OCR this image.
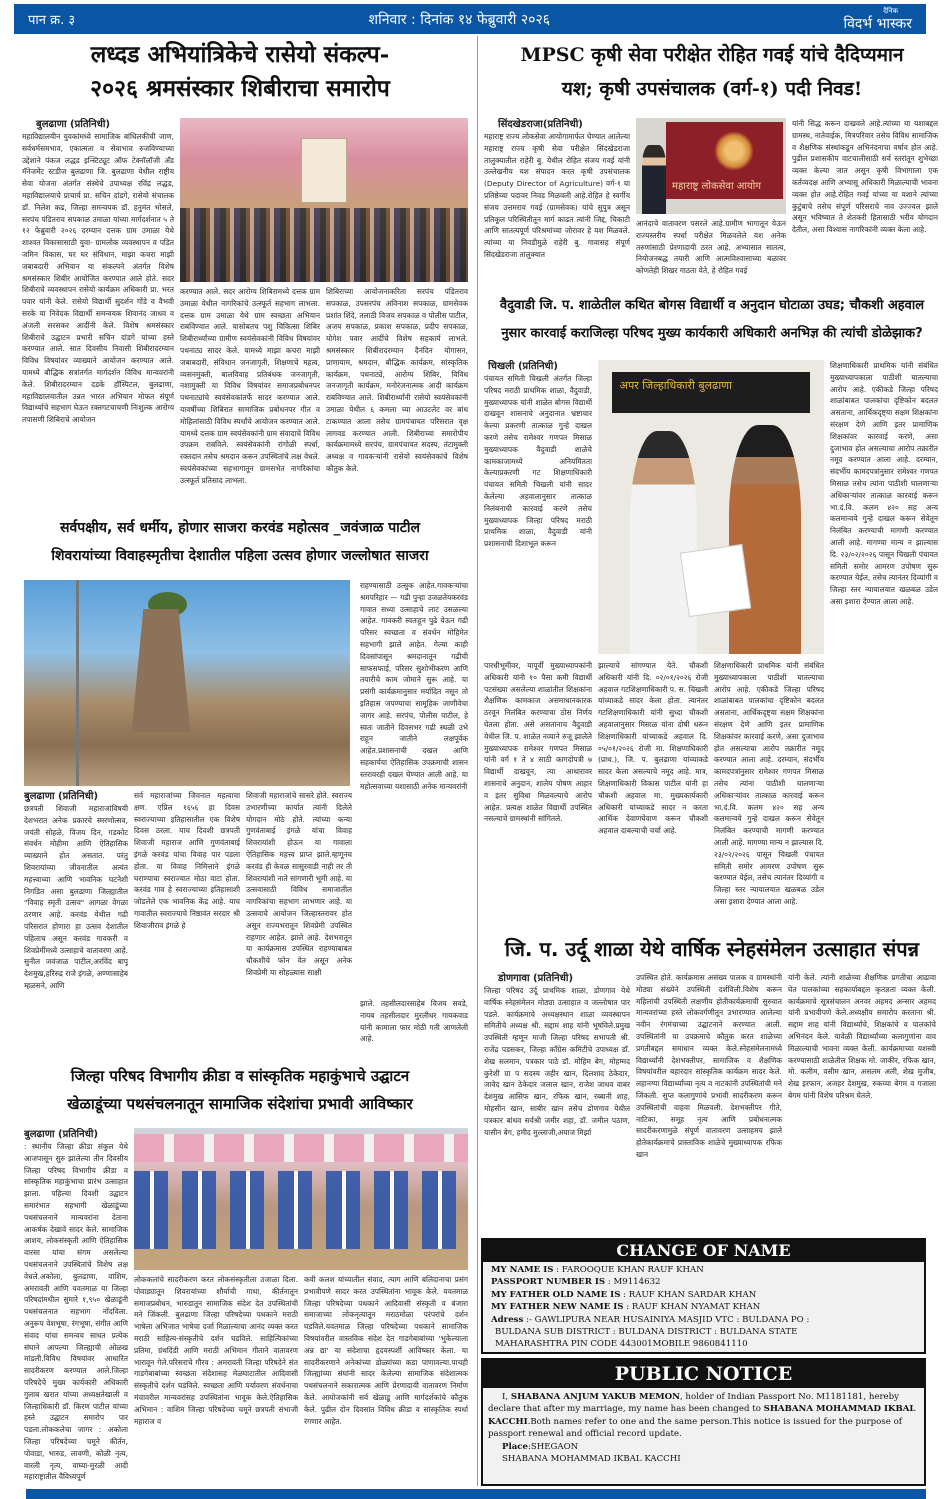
पान क्र. ३	शनिवार : दिनांक १४ फेब्रुवारी २०२६
दैनिक
विदर्भ भास्कर
लध्दड अभियांत्रिकेचे रासेयो संकल्प-
२०२६ श्रमसंस्कार शिबीराचा समारोप
बुलढाणा (प्रतिनिधी)
महाविद्यालयीन युवकांमध्ये सामाजिक बांधिलकीची जाण, सर्वधर्मसमभाव, एकात्मता व सेवाभाव रुजविण्याच्या उद्देशाने पंकज लद्धड इन्स्टिट्यूट ऑफ टेक्नॉलॉजी अँड मॅनेजमेंट स्टडीज बुलढाणा जि. बुलढाणा येथील राष्ट्रीय सेवा योजना अंतर्गत संस्थेचे उपाध्यक्ष रविंद्र लद्धड, महाविद्यालयाचे प्राचार्य प्रा. सचिन दांडगे, रासेयो संचालक डॉ. निलेश कढ, जिल्हा समन्वयक डॉ. हनुमंत भोसले, सरपंच पंडितराव सपकाळ उमाळा यांच्या मार्गदर्शनात ५ ते १२ फेब्रुवारी २०२६ दरम्यान दत्तक ग्राम उमाळा येथे शाश्वत विकासासाठी युवा- ग्रामलोक व्यवस्थापन व पडित जमिन विकास, घर घर संविधान, माझा कचरा माझी जबाबदारी अभियान या संकल्पने अंतर्गत विशेष श्रमसंस्कार शिबीर आयोजित करण्यात आले होते. सदर शिबीराचे व्यवस्थापन रासेयो कार्यक्रम अधिकारी प्रा. भरत पवार यांनी केले. रासेयो विद्यार्थी सुदर्शन गोंडे व वैभवी सरके या निवेदक विद्यार्थी समन्वयक शिवानंद जाधव व अंजली सरसकर आदींनी केले. विशेष श्रमसंस्कार शिबीराचे उद्घाटन प्रभारी सचिन दांडगे यांच्या हस्ते करण्यात आले. सात दिवसीय निवासी शिबीरादरम्यान विविध विषयांवर व्याख्याने आयोजन करण्यात आले. यामध्ये बौद्धिक सत्रांतर्गत मार्गदर्शन विविध मान्यवरांनी केले. शिबीरादरम्यान दडके हॉस्पिटल, बुलढाणा, महाविद्यालयातील उन्नत भारत अभियान मोफत संपूर्ण विद्यार्थ्याचे सहभाग घेऊन रक्तगटचाचणी निःशुल्क आरोग्य तपासणी शिबिराचे आयोजन
करण्यात आले. सदर आरोग्य शिबिरामध्ये दत्तक ग्राम उमाळा येथील नागरिकांचे उत्स्फूर्त सहभाग लाभला. दत्तक ग्राम उमाळा येथे ग्राम स्वच्छता अभियान राबविण्यात आले. यासोबतच पशु चिकित्सा शिबिर शिबीरार्थ्यांच्या ग्रामीण स्वयंसेवकांनी विविध विषयांवर पथनाट्य सादर केले. यामध्ये माझा कचरा माझी जबाबदारी, संविधान जनजागृती, शिक्षणाचे महत्व, व्यसनमुक्ती, बालविवाह प्रतिबंधक जनजागृती, नशामुक्ती या विविध विषयांवर समाजप्रबोधनपर पथनाट्यांचे स्वयंसेवकांतर्फे सादर करण्यात आले. यावर्षीच्या शिबिरात सामाजिक प्रबोधनपर गीत व मोहिलांसाठी विविध स्पर्धांचे आयोजन करण्यात आले. यामध्ये दत्तक ग्राम स्वयंसेवकांनी ग्राम संवादाचे विविध उपक्रम राबविले. स्वयंसेवकांनी रांगोळी स्पर्धा, रक्तदान तसेच श्रमदान करून उपस्थितांचे लक्ष वेधले. स्वयंसेवकांच्या सहभागातून ग्रामसभेत नागरिकांचा उत्स्फूर्त प्रतिसाद लाभला.
शिबिराच्या आयोजनाकरिता सरपंच पंडितराव सपकाळ, उपसरपंच अविनाश सपकाळ, ग्रामसेवक प्रशांत शिंदे, तलाठी विजय सपकाळ व पोलीस पाटील, अजय सपकाळ, प्रकाश सपकाळ, प्रदीप सपकाळ, योगेश पवार आदींचे विशेष सहकार्य लाभले. श्रमसंस्कार शिबीरादरम्यान दैनंदिन योगासन, प्राणायाम, श्रमदान, बौद्धिक कार्यक्रम, सांस्कृतिक कार्यक्रम, पथनाट्ये, आरोग्य शिबिर, विविध जनजागृती कार्यक्रम, मनोरंजनात्मक आदी कार्यक्रम राबविण्यात आले. शिबीरार्थ्यांनी रासेयो स्वयंसेवकांनी उमाळा येथील ६ कमला च्या आउटलेट वर बांध टाकण्यात आला तसेच ग्रामपंचायत परिसरात वृक्ष लागवड करण्यात आली. शिबीराच्या समारोपीय कार्यक्रमामध्ये सरपंच, ग्रामपंचायत सदस्य, तंटामुक्ती अध्यक्ष व गावकऱ्यांनी रासेयो स्वयंसेवकांचे विशेष कौतुक केले.
MPSC कृषी सेवा परीक्षेत रोहित गवई यांचे दैदिप्यमान
यश; कृषी उपसंचालक (वर्ग-१) पदी निवड!
सिंदखेडराजा(प्रतिनिधी)
महाराष्ट्र राज्य लोकसेवा आयोगामार्फत घेण्यात आलेल्या महाराष्ट्र राज्य कृषी सेवा परीक्षेत सिंदखेडराजा तालुक्यातील राहेरी बु. येथील रोहित संजय गवई यांनी उल्लेखनीय यश संपादन करत कृषी उपसंचालक (Deputy Director of Agriculture) वर्ग-१ या प्रतिष्ठेच्या पदावर निवड मिळवली आहे.रोहित हे स्वर्गीय संजय उत्तमराव गवई (ग्रामसेवक) यांचे सुपुत्र असून प्रतिकूल परिस्थितीतून मार्ग काढत त्यांनी जिद्द, चिकाटी आणि सातत्यपूर्ण परिश्रमांच्या जोरावर हे यश मिळवले. त्यांच्या या निवडीमुळे राहेरी बु. गावासह संपूर्ण सिंदखेडराजा तालुक्यात
महाराष्ट्र लोकसेवा आयोग
आनंदाचे वातावरण पसरले आहे.ग्रामीण भागातून येऊन राज्यस्तरीय स्पर्धा परीक्षेत मिळवलेले यश अनेक तरुणांसाठी प्रेरणादायी ठरत आहे. अभ्यासात सातत्य, नियोजनबद्ध तयारी आणि आत्मविश्वासाच्या बळावर कोणतेही शिखर गाठता येते, हे रोहित गवई
यांनी सिद्ध करून दाखवले आहे.त्यांच्या या यशाबद्दल ग्रामस्थ, नातेवाईक, मित्रपरिवार तसेच विविध सामाजिक व शैक्षणिक संस्थांकडून अभिनंदनाचा वर्षाव होत आहे. पुढील प्रशासकीय वाटचालीसाठी सर्व स्तरांतून शुभेच्छा व्यक्त केल्या जात असून कृषी विभागाला एक कर्तव्यदक्ष आणि अभ्यासू अधिकारी मिळाल्याची भावना व्यक्त होत आहे.रोहित गवई यांच्या या यशाने त्यांच्या कुटुंबाचे तसेच संपूर्ण परिसराचे नाव उज्ज्वल झाले असून भविष्यात ते शेतकरी हितासाठी भरीव योगदान देतील, असा विश्वास नागरिकांनी व्यक्त केला आहे.
वैदुवाडी जि. प. शाळेतील कथित बोगस विद्यार्थी व अनुदान घोटाळा उघड; चौकशी अहवाल
नुसार कारवाई कराजिल्हा परिषद मुख्य कार्यकारी अधिकारी अनभिज्ञ की त्यांची डोळेझाक?
चिखली (प्रतिनिधी)
पंचायत समिती चिखली अंतर्गत जिल्हा परिषद मराठी प्राथमिक शाळा, वैदुवाडी, मुख्याध्यापक यांनी शाळेत बोगस विद्यार्थी दाखवून शासनाचे अनुदानात भ्रष्टाचार केल्या प्रकरणी तात्काळ गुन्हे दाखल करणे तसेच रामेश्वर गणपत मिसाळ मुख्याध्यापक वैदुवाडी शाळेचे कामकाजामध्ये अनियमितता केल्याप्रकरणी गट शिक्षणाधिकारी पंचायत समिती चिखली यांनी सादर केलेल्या अहवालानुसार तात्काळ निलंबनाची कारवाई करणे तसेच मुख्याध्यापक जिल्हा परिषद मराठी प्राथमिक शाळा, वैदुवाडी यांनी प्रशासनाची दिशाभूल करून
अपर जिल्हाधिकारी बुलढाणा
पारधीभूमीवर, यापूर्वी मुख्याध्यापकांनी अधिकारी यांनी १० पैसा कमी विद्यार्थी पटसंख्या असलेल्या शाळांतील शिक्षकांना शैक्षणिक कामकाज असमाधानकारक ठरवून निलंबित करण्याचा ठोस निर्णय घेतला होता. असे असतानाच वैदुवाडी येथील जि. प. शाळेत नव्याने रुजू झालेले मुख्याध्यापक रामेश्वर गणपत मिसाळ यांनी वर्ग १ ते ४ साठी कागदोपत्री ७ विद्यार्थी दाखवून, त्या आधारावर शासनाचे अनुदान, शालेय पोषण आहार व इतर सुविधा मिळवल्याचे आरोप आहेत. प्रत्यक्ष शाळेत विद्यार्थी उपस्थित नसल्याचे ग्रामस्थांनी सांगितले.
झाल्याचे सांगण्यात येते. चौकशी अधिकारी यांनी दि. ०२/०१/२०२६ रोजी अहवाल गटशिक्षणाधिकारी प. स. चिखली यांच्याकडे सादर केला होता. त्यानंतर गटशिक्षणाधिकारी यांनी सुध्दा चौकशी अहवालानुसार मिसाळ यांना दोषी धरून शिक्षणाधिकारी यांच्याकडे अहवाल दि. ०५/०१/२०२६ रोजी मा. शिक्षणाधिकारी (प्राथ.), जि. प. बुलढाणा यांच्याकडे सादर केला असल्याचे नमूद आहे. मात्र, शिक्षणाधिकारी विकास पाटील यांनी हा चौकशी अहवाल मा. मुख्यकार्यकारी अधिकारी यांच्याकडे सादर न करता आर्थिक देवाणघेवाण करून चौकशी अहवाल दाबल्याची चर्चा आहे.
शिक्षणाधिकारी प्राथमिक यांनी संबंधित मुख्याध्यापकाला पाठीशी घातल्याचा आरोप आहे. एकीकडे जिल्हा परिषद शाळांबाबत पालकांचा दृष्टिकोन बदलत असताना, आर्थिकदृष्ट्या सक्षम शिक्षकांना संरक्षण देणे आणि इतर प्रामाणिक शिक्षकांवर कारवाई करणे, असा दुजाभाव होत असल्याचा आरोप तक्रारीत नमूद करण्यात आला आहे. दरम्यान, संदर्भीय कामदपत्रांनुसार रामेश्वर गणपत मिसाळ तसेच त्यांना पाठीशी घालणाऱ्या अधिकाऱ्यांवर तात्काळ कारवाई करून भा.दं.वि. कलम ४२० सह अन्य कलमान्वये गुन्हे दाखल करून सेवेतून निलंबित करण्याची मागणी करण्यात आली आहे. मागण्या मान्य न झाल्यास दि. २३/०२/२०२६ पासून चिखली पंचायत समिती समोर आमरण उपोषण सुरू करण्यात येईल, तसेच त्यानंतर दिव्यांगी व जिल्हा स्तर न्यायालयात खळबळ उडेल असा इशारा देण्यात आला आहे.
शिक्षणाधिकारी प्राथमिक यांनी संबंधित मुख्याध्यापकाला पाठीशी घातल्याचा आरोप आहे. एकीकडे जिल्हा परिषद शाळांबाबत पालकांचा दृष्टिकोन बदलत असताना, आर्थिकदृष्ट्या सक्षम शिक्षकांना संरक्षण देणे आणि इतर प्रामाणिक शिक्षकांवर कारवाई करणे, असा दुजाभाव होत असल्याचा आरोप तक्रारीत नमूद करण्यात आला आहे. दरम्यान, संदर्भीय कामदपत्रांनुसार रामेश्वर गणपत मिसाळ तसेच त्यांना पाठीशी घालणाऱ्या अधिकाऱ्यांवर तात्काळ कारवाई करून भा.दं.वि. कलम ४२० सह अन्य कलमान्वये गुन्हे दाखल करून सेवेतून निलंबित करण्याची मागणी करण्यात आली आहे. मागण्या मान्य न झाल्यास दि. २३/०२/२०२६ पासून चिखली पंचायत समिती समोर आमरण उपोषण सुरू करण्यात येईल, तसेच त्यानंतर दिव्यांगी व जिल्हा स्तर न्यायालयात खळबळ उडेल असा इशारा देण्यात आला आहे.
सर्वपक्षीय, सर्व धर्मीय, होणार साजरा करवंड महोत्सव _जवंजाळ पाटील
शिवरायांच्या विवाहस्मृतीचा देशातील पहिला उत्सव होणार जल्लोषात साजरा
राहण्यासाठी उत्सुक आहेत.गावकऱ्यांचा श्रमपरिहार — गढी पुन्हा उजळतेयकरवंड गावात सध्या उत्साहाचे लाट उसळल्या आहेत. गावकरी स्वतःहून पुढे येऊन गढी परिसर स्वच्छता व संवर्धन मोहिमेत सहभागी झाले आहेत. गेल्या काही दिवसांपासून श्रमदानातून गढीची साफसफाई, परिसर सुशोभीकरण आणि तयारीचे काम जोमाने सुरू आहे. या प्रसंगी कार्यक्रमानुसार मर्यादित नसून तो इतिहास जपण्याचा सामूहिक जाणीवेचा जागर आहे. सरपंच, पोलीस पाटील, हे स्वतः जातीने दिवसभर गढी स्थळी उभे राहून जातीने लक्षपूर्वक आहेत.प्रशासनाची दखल आणि सहकार्यया ऐतिहासिक उपक्रमाची शासन स्तरावरही दखल घेण्यात आली आहे. या महोत्सवाच्या यशासाठी अनेक मान्यवरांनी
बुलढाणा (प्रतिनिधी)
छत्रपती शिवाजी महाराजांविषयी देशभरात अनेक प्रकारचे स्मरणोत्सव, जयंती सोहळे, विजय दिन, गडकोट संवर्धन मोहीमा आणि ऐतिहासिक व्याख्याने होत असतात. परंतु शिवरायांच्या जीवनातील अत्यंत महत्त्वाच्या आणि भावनिक घटनेशी निगडित असा बुलढाणा जिल्ह्यातील "विवाह स्मृती उत्सव" आगळा वेगळा ठरणार आहे. करवंड येथील गढी परिसरात होणारा हा उत्सव देशातील पहिलाच असून करवंड गावकरी व शिवप्रेमींमध्ये उत्साहाचे वातावरण आहे. सुनील जवंजाळ पाटील,अरविंद बापू देशमुख,हरिरुद्र राजे इंगळे, अण्णासाहेब म्हळसने, आणि
सर्व महाराजांच्या जिवनात महत्वाचा क्षण. एप्रिल १६५६ हा दिवस स्वराज्याच्या इतिहासातील एक विशेष दिवस ठरला. याच दिवशी छत्रपती शिवाजी महाराज आणि गुणवंताबाई इंगळे करवंड यांचा विवाह पार पडला होता. या विवाह निमित्ताने इंगळे घराण्याचा स्वराज्यात मोठा वाटा होता. करवंड गाव हे स्वराज्याच्या इतिहासाशी जोडलेले एक भावनिक केंद्र आहे. याच गावातील स्वराज्याचे निष्ठावंत सरदार श्री शिवाजीराव इंगळे हे
शिवाजी महाराजांचे सासरे होते. स्वराज्य उभारणीच्या कार्यात त्यांनी दिलेले योगदान मोठे होते. त्यांच्या कन्या गुणवंताबाई इंगळे यांचा विवाह शिवरायांशी होऊन या गावाला ऐतिहासिक महत्त्व प्राप्त झाले.म्हणूनच करवंड ही केवळ सासुरवाडी नाही तर ती शिवरायांशी नाते सांगणारी भूमी आहे. या उत्सवासाठी विविध समाजातील नागरिकांचा सहभाग लाभणार आहे. या उत्सवाचे आयोजन जिल्हास्तरावर होत असून राज्यभरातून शिवप्रेमी उपस्थित राहणार आहेत. झाले आहे. देशभरातून या कार्यक्रमास उपस्थित राहण्याबाबत चौकशीचे फोन येत असून अनेक शिवप्रेमी या सोहळ्यास साक्षी
झाले. तहसीलदारसाहेब विजय सवडे, नायब तहसीलदार मुरलीधर गायकवाड यांनी कामाला फार मोठी गती आणलेली आहे.
जि. प. उर्दू शाळा येथे वार्षिक स्नेहसंमेलन उत्साहात संपन्न
डोणगावा (प्रतिनिधी)
जिल्हा परिषद उर्दू प्राथमिक शाळा, डोणगाव येथे वार्षिक स्नेहसंमेलन मोठ्या उत्साहात व जल्लोषात पार पडले. कार्यक्रमाचे अध्यक्षस्थान शाळा व्यवस्थापन समितीचे अध्यक्ष श्री. सद्दाम शाह यांनी भूषविले.प्रमुख उपस्थिती म्हणून माजी जिल्हा परिषद सभापती श्री. राजेंद्र पडसकर, जिल्हा काँग्रेस कमिटीचे उपाध्यक्ष डॉ. शेख सलमान, पत्रकार पाठे डॉ. मोहिम बेग, मोहम्मद कुरेशी ग्रा प सदस्य जहीर खान, दिलशाद ठेकेदार, जावेद खान ठेकेदार जलाल खान, राजेश जाधव वाबर देशमुख आसिफ खान, रफिक खान, रब्बानी शाह, मोहसीन खान, साबीर खान तसेच डोणगाव येथील पत्रकार बांधव सर्वश्री जमीर शहा, डॉ. जमील पठाण, यासीन बेग, हमीद मुल्लाजी,अयाज मिर्झा
उपस्थित होते. कार्यक्रमास असंख्य पालक व ग्रामस्थांनी मोठ्या संख्येने उपस्थिती दर्शविली.विशेष करून महिलांची उपस्थिती लक्षणीय होतीकार्यक्रमाची सुरुवात मान्यवरांच्या हस्ते लोकवर्गणीतून उभारण्यात आलेल्या नवीन रंगमंचाच्या उद्घाटनाने करण्यात आली. उपस्थितांनी या उपक्रमाचे कौतुक करत शाळेच्या प्रगतीबद्दल समाधान व्यक्त केले.स्नेहसंमेलनामध्ये विद्यार्थ्यांनी देशभक्तीपर, सामाजिक व शैक्षणिक विषयांवरील बहारदार सांस्कृतिक कार्यक्रम सादर केले. लहानग्या विद्यार्थ्यांच्या नृत्य व नाटकांनी उपस्थितांची मने जिंकली. सुप्त कलागुणांचे प्रभावी सादरीकरण करून उपस्थितांची वाहवा मिळवली. देशभक्तीपर गीते, नाटिका, समूह नृत्य आणि प्रबोधनात्मक सादरीकरणामुळे संपूर्ण वातावरण उत्साहमय झाले होतेकार्यक्रमाचे प्रास्ताविक शाळेचे मुख्याध्यापक रफिक खान
यांनी केले. त्यांनी शाळेच्या शैक्षणिक प्रगतीचा आढावा घेत पालकांच्या सहकार्याबद्दल कृतज्ञता व्यक्त केली. कार्यक्रमाचे सूत्रसंचालन अनवर अहमद अन्सार अहमद यांनी प्रभावीपणे केले.अध्यक्षीय समारोप करताना श्री. सद्दाम शाह यांनी विद्यार्थ्यांचे, शिक्षकांचे व पालकांचे अभिनंदन केले. यावेळी विद्यार्थ्यांच्या कलागुणांना वाव मिळाल्याची भावना व्यक्त केली. कार्यक्रमाच्या यशस्वी करण्यासाठी शाळेतील शिक्षक मो. जाकीर, रफिक खान, मो. कलीम, वसीम खान, असलम अली, शेख मुजीब, शेख इरफान, अजहर देशमुख, रुकय्या बेगम व गजाला बेगम यांनी विशेष परिश्रम घेतले.
जिल्हा परिषद विभागीय क्रीडा व सांस्कृतिक महाकुंभाचे उद्घाटन
खेळाडूंच्या पथसंचलनातून सामाजिक संदेशांचा प्रभावी आविष्कार
बुलढाणा (प्रतिनिधी)
: स्थानीय जिल्हा क्रीडा संकुल येथे आजपासून सुरु झालेल्या तीन दिवसीय जिल्हा परिषद विभागीय क्रीडा व सांस्कृतिक महाकुंभाचा प्रारंभ उत्साहात झाला. पहिल्या दिवशी उद्घाटन समारंभात सहभागी खेळाडूंच्या पथसंचलनाने मान्यवरांना देताना आकर्षक देखावे सादर केले. सामाजिक आशय, लोकसंस्कृती आणि ऐतिहासिक वारसा यांचा संगम असलेल्या पथसंचलनाने उपस्थितांचे विशेष लक्ष वेधले.अकोला, बुलढाणा, वाशिम, अमरावती आणि यवतमाळ या जिल्हा परिषदांमधील सुमारे १,९५० खेळाडूंनी पथसंचलनात सहभाग नोंदविला. अनुरूप वेशभूषा, रंगभूषा, संगीत आणि संवाद यांचा समन्वय साधत प्रत्येक संघाने आपल्या जिल्ह्याची ओळख मांडली.विविध विषयांवर आधारित सादरीकरण करण्यात आले.जिल्हा परिषदेचे मुख्य कार्यकारी अधिकारी गुलाब खरात यांच्या अध्यक्षतेखाली व जिल्हाधिकारी डॉ. किरण पाटील यांच्या हस्ते उद्घाटन समारोप पार पडला.लोककलेचा जागर : अकोला जिल्हा परिषदेच्या चमूने कीर्तन, पोवाडा, भारुड, लावणी, कोळी नृत्य, वारली नृत्य, वाघ्या-मुरळी आदी महाराष्ट्रातील वैविध्यपूर्ण
लोककलांचे सादरीकरण करत लोकसंस्कृतीला उजाळा दिला. पोवाड्यातून शिवरायांच्या शौर्याची गाथा, कीर्तनातून समाजप्रबोधन, भारुडातून सामाजिक संदेश देत उपस्थितांची मने जिंकली. बुलढाणा जिल्हा परिषदेच्या पथकाने मराठी भाषेला अभिजात भाषेचा दर्जा मिळाल्याचा आनंद व्यक्त करत मराठी साहित्य-संस्कृतीचे दर्शन घडविले. साहित्यिकांच्या प्रतिमा, ग्रंथदिंडी आणि मराठी अभिमान गीताने वातावरण भारावून गेले.परिसराचे गौरव : अमरावती जिल्हा परिषदेने संत गाडगेबाबांच्या स्वच्छता संदेशासह मेळघाटातील आदिवासी संस्कृतीचे दर्शन घडविले. स्वच्छता आणि पर्यावरण संवर्धनाचा मंचावरील मान्यवरांसह उपस्थितांना भावूक केले.ऐतिहासिक अभिमान : वाशिम जिल्हा परिषदेच्या चमूने छत्रपती संभाजी महाराज व
कवी कलश यांच्यातील संवाद, त्याग आणि बलिदानाचा प्रसंग प्रभावीपणे सादर करत उपस्थितांना भावूक केले. यवतमाळ जिल्हा परिषदेच्या पथकाने आदिवासी संस्कृती व बंजारा समाजाच्या लोकनृत्यातून मराठमोळा परंपरांचे दर्शन घडविले.यवतमाळ जिल्हा परिषदेच्या पथकाने सामाजिक विषयांवरील वास्तविक संदेश देत गाडगेबाबांच्या 'भुकेल्याला अन्न द्या' या संदेशाचा हृदयस्पर्शी आविष्कार केला. या सादरीकरणाने अनेकांच्या डोळ्यांच्या कडा पाणावल्या.पाचही जिल्ह्यांच्या संघांनी सादर केलेल्या सामाजिक संदेशात्मक पथसंचलनाने सकारात्मक आणि प्रेरणादायी वातावरण निर्माण केले. आयोजकांनी सर्व खेळाडू आणि मार्गदर्शकांचे कौतुक केले. पुढील दोन दिवसांत विविध क्रीडा व सांस्कृतिक स्पर्धा रंगणार आहेत.
CHANGE OF NAME
MY NAME IS : FAROOQUE KHAN RAUF KHAN
PASSPORT NUMBER IS : M9114632
MY FATHER OLD NAME IS : RAUF KHAN SARDAR KHAN
MY FATHER NEW NAME IS : RAUF KHAN NYAMAT KHAN
Adress :- GAWLIPURA NEAR HUSAINIYA MASJID VTC : BULDANA PO :
BULDANA SUB DISTRICT : BULDANA DISTRICT : BULDANA STATE
MAHARASHTRA PIN CODE 443001MOBILE 9860841110
PUBLIC NOTICE
I, SHABANA ANJUM YAKUB MEMON, holder of Indian Passport No. M1181181, hereby declare that after my marriage, my name has been changed to SHABANA MOHAMMAD IKBAL KACCHI.Both names refer to one and the same person.This notice is issued for the purpose of passport renewal and official record update.
Place:SHEGAON
SHABANA MOHAMMAD IKBAL KACCHI
